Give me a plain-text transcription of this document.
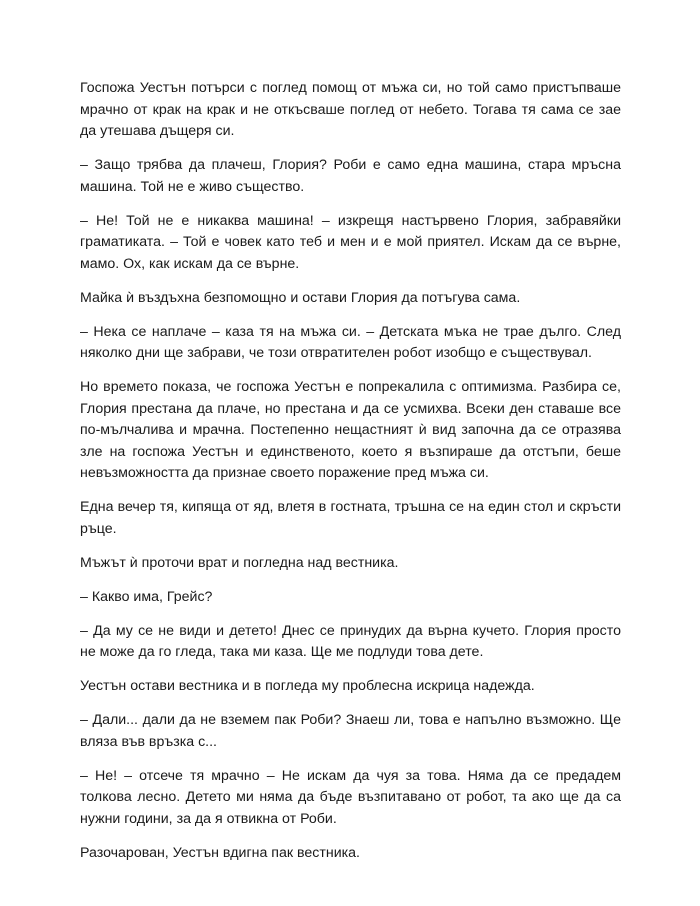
Госпожа Уестън потърси с поглед помощ от мъжа си, но той само пристъпваше мрачно от крак на крак и не откъсваше поглед от небето. Тогава тя сама се зае да утешава дъщеря си.

– Защо трябва да плачеш, Глория? Роби е само една машина, стара мръсна машина. Той не е живо същество.

– Не! Той не е никаква машина! – изкрещя настървено Глория, забравяйки граматиката. – Той е човек като теб и мен и е мой приятел. Искам да се върне, мамо. Ох, как искам да се върне.

Майка ѝ въздъхна безпомощно и остави Глория да потъгува сама.

– Нека се наплаче – каза тя на мъжа си. – Детската мъка не трае дълго. След няколко дни ще забрави, че този отвратителен робот изобщо е съществувал.

Но времето показа, че госпожа Уестън е попрекалила с оптимизма. Разбира се, Глория престана да плаче, но престана и да се усмихва. Всеки ден ставаше все по-мълчалива и мрачна. Постепенно нещастният ѝ вид започна да се отразява зле на госпожа Уестън и единственото, което я възпираше да отстъпи, беше невъзможността да признае своето поражение пред мъжа си.

Една вечер тя, кипяща от яд, влетя в гостната, тръшна се на един стол и скръсти ръце.

Мъжът ѝ проточи врат и погледна над вестника.

– Какво има, Грейс?

– Да му се не види и детето! Днес се принудих да върна кучето. Глория просто не може да го гледа, така ми каза. Ще ме подлуди това дете.

Уестън остави вестника и в погледа му проблесна искрица надежда.

– Дали... дали да не вземем пак Роби? Знаеш ли, това е напълно възможно. Ще вляза във връзка с...

– Не! – отсече тя мрачно – Не искам да чуя за това. Няма да се предадем толкова лесно. Детето ми няма да бъде възпитавано от робот, та ако ще да са нужни години, за да я отвикна от Роби.

Разочарован, Уестън вдигна пак вестника.
